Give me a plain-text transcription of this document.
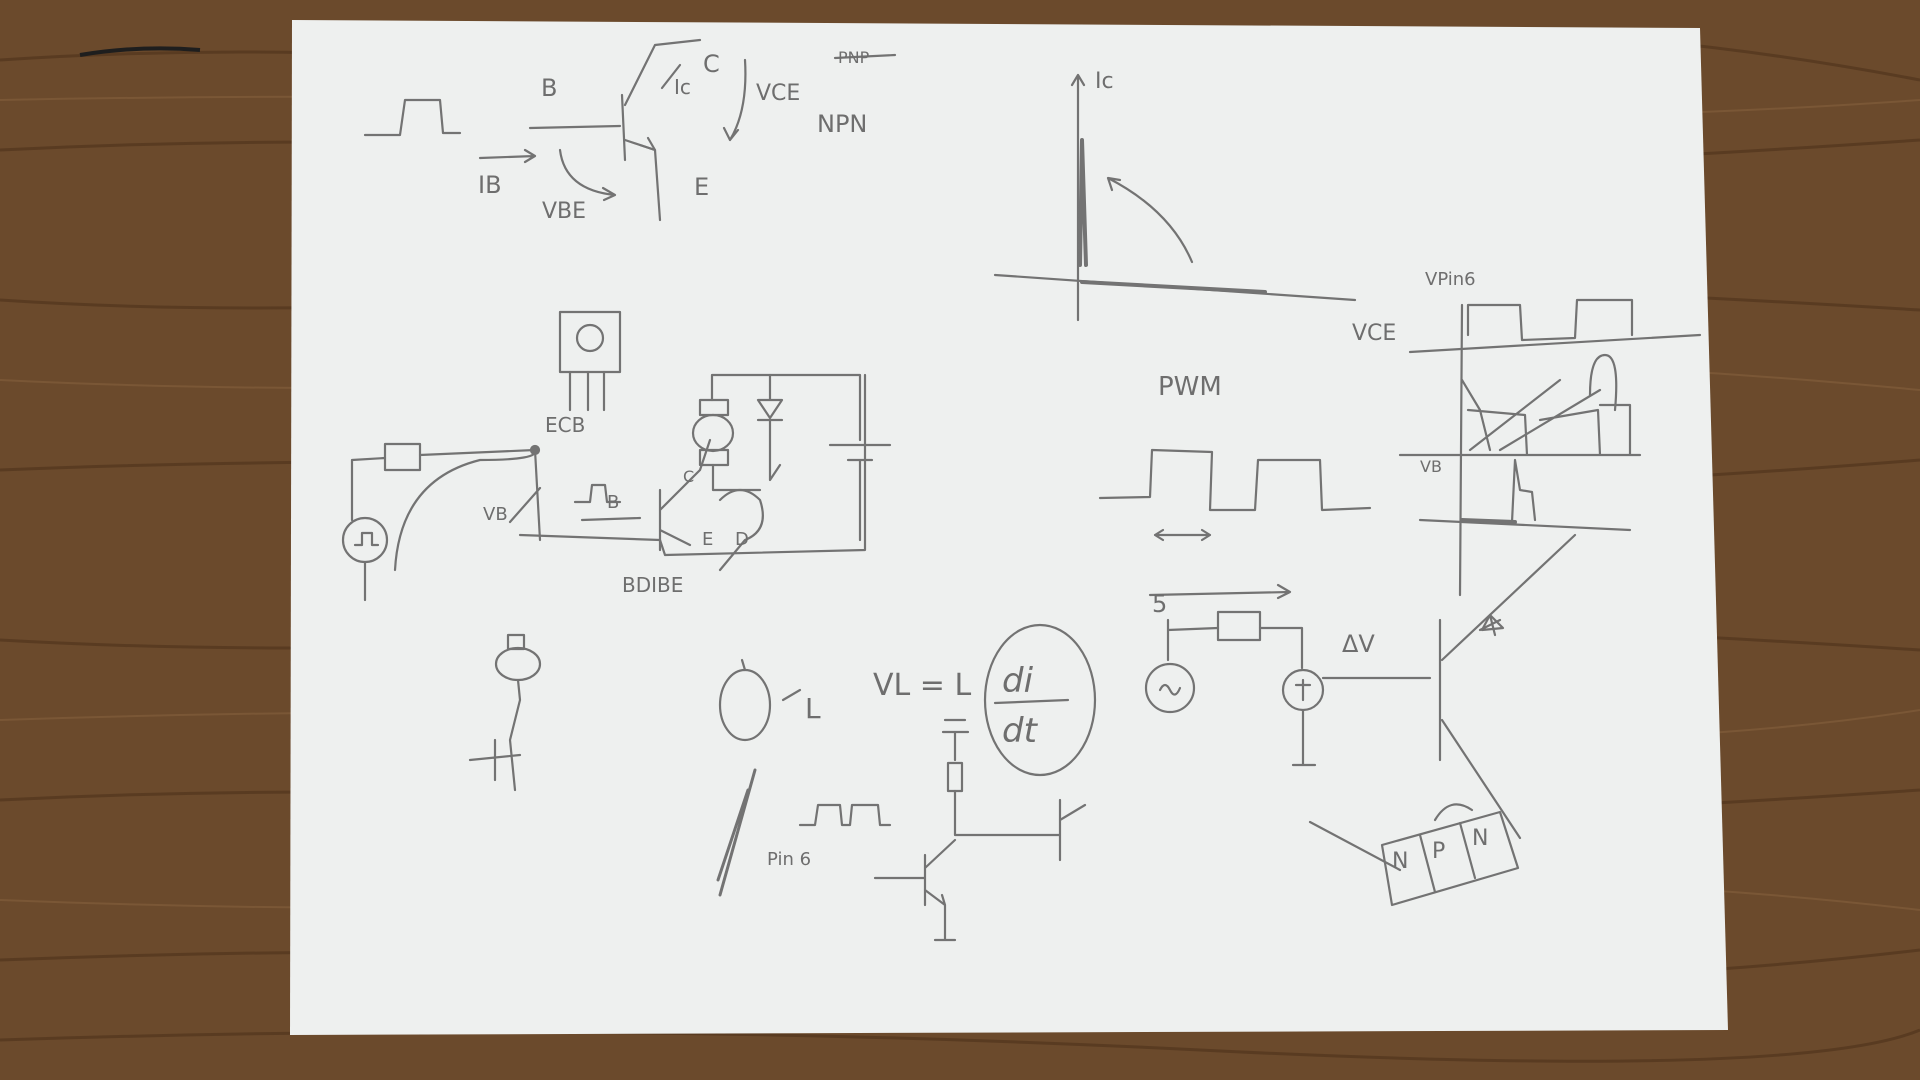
B
C
E
Ic	VCE
NPN
PNP
IB
VBE
Ic
VCE
ECB
VB
B
C
E D
BDIBE
PWM
VPin6
VB
VL = L di
dt
L
Pin 6
ΔV
N P
N
5
